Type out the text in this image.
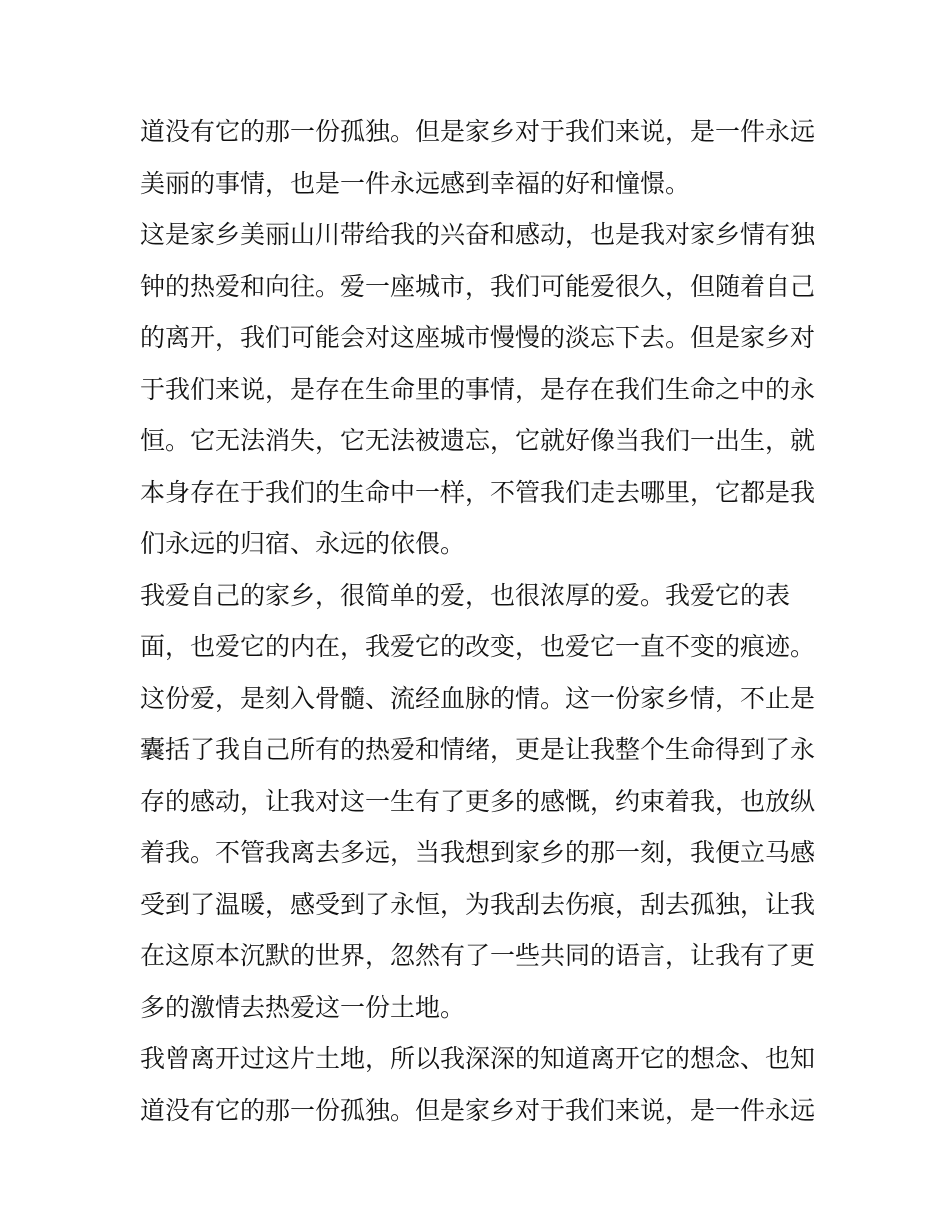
道没有它的那一份孤独。但是家乡对于我们来说，是一件永远
美丽的事情，也是一件永远感到幸福的好和憧憬。
这是家乡美丽山川带给我的兴奋和感动，也是我对家乡情有独
钟的热爱和向往。爱一座城市，我们可能爱很久，但随着自己
的离开，我们可能会对这座城市慢慢的淡忘下去。但是家乡对
于我们来说，是存在生命里的事情，是存在我们生命之中的永
恒。它无法消失，它无法被遗忘，它就好像当我们一出生，就
本身存在于我们的生命中一样，不管我们走去哪里，它都是我
们永远的归宿、永远的依偎。
我爱自己的家乡，很简单的爱，也很浓厚的爱。我爱它的表
面，也爱它的内在，我爱它的改变，也爱它一直不变的痕迹。
这份爱，是刻入骨髓、流经血脉的情。这一份家乡情，不止是
囊括了我自己所有的热爱和情绪，更是让我整个生命得到了永
存的感动，让我对这一生有了更多的感慨，约束着我，也放纵
着我。不管我离去多远，当我想到家乡的那一刻，我便立马感
受到了温暖，感受到了永恒，为我刮去伤痕，刮去孤独，让我
在这原本沉默的世界，忽然有了一些共同的语言，让我有了更
多的激情去热爱这一份土地。
我曾离开过这片土地，所以我深深的知道离开它的想念、也知
道没有它的那一份孤独。但是家乡对于我们来说，是一件永远
